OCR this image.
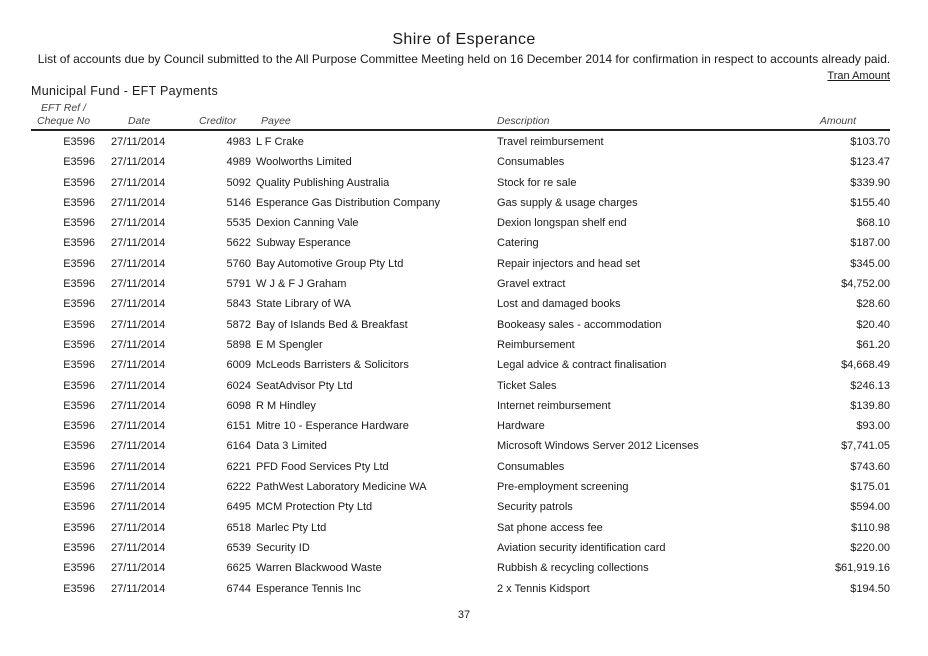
Shire of Esperance
List of accounts due by Council submitted to the All Purpose Committee Meeting held on 16 December 2014 for confirmation in respect to accounts already paid.
Tran Amount
Municipal Fund - EFT Payments
EFT Ref /
Cheque No	Date	Creditor Payee	Description	Amount
E3596 27/11/2014	4983 L F Crake	Travel reimbursement	$103.70
E3596 27/11/2014	4989 Woolworths Limited	Consumables	$123.47
E3596 27/11/2014	5092 Quality Publishing Australia	Stock for re sale	$339.90
E3596 27/11/2014	5146 Esperance Gas Distribution Company	Gas supply & usage charges	$155.40
E3596 27/11/2014	5535 Dexion Canning Vale	Dexion longspan shelf end	$68.10
E3596 27/11/2014	5622 Subway Esperance	Catering	$187.00
E3596 27/11/2014	5760 Bay Automotive Group Pty Ltd	Repair injectors and head set	$345.00
E3596 27/11/2014	5791 W J & F J Graham	Gravel extract	$4,752.00
E3596 27/11/2014	5843 State Library of WA	Lost and damaged books	$28.60
E3596 27/11/2014	5872 Bay of Islands Bed & Breakfast	Bookeasy sales - accommodation	$20.40
E3596 27/11/2014	5898 E M Spengler	Reimbursement	$61.20
E3596 27/11/2014	6009 McLeods Barristers & Solicitors	Legal advice & contract finalisation	$4,668.49
E3596 27/11/2014	6024 SeatAdvisor Pty Ltd	Ticket Sales	$246.13
E3596 27/11/2014	6098 R M Hindley	Internet reimbursement	$139.80
E3596 27/11/2014	6151 Mitre 10 - Esperance Hardware	Hardware	$93.00
E3596 27/11/2014	6164 Data 3 Limited	Microsoft Windows Server 2012 Licenses	$7,741.05
E3596 27/11/2014	6221 PFD Food Services Pty Ltd	Consumables	$743.60
E3596 27/11/2014	6222 PathWest Laboratory Medicine WA	Pre-employment screening	$175.01
E3596 27/11/2014	6495 MCM Protection Pty Ltd	Security patrols	$594.00
E3596 27/11/2014	6518 Marlec Pty Ltd	Sat phone access fee	$110.98
E3596 27/11/2014	6539 Security ID	Aviation security identification card	$220.00
E3596 27/11/2014	6625 Warren Blackwood Waste	Rubbish & recycling collections	$61,919.16
E3596 27/11/2014	6744 Esperance Tennis Inc	2 x Tennis Kidsport	$194.50
37
